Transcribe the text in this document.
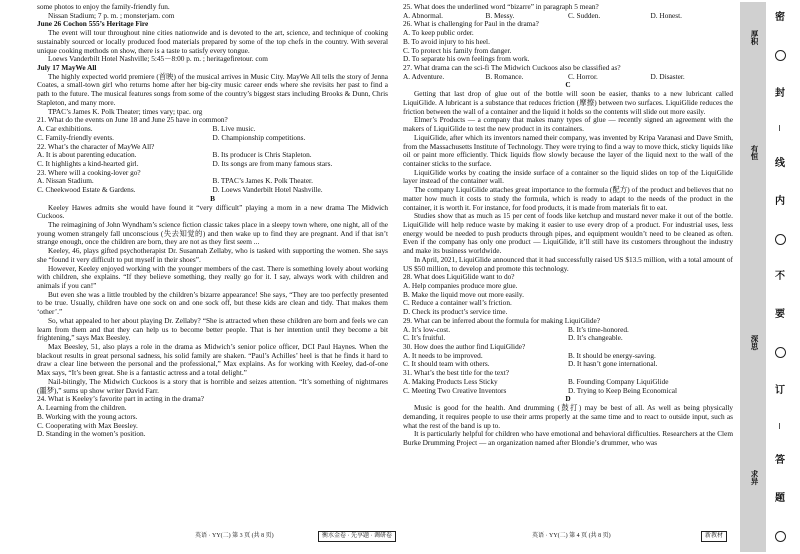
some photos to enjoy the family-friendly fun.

Nissan Stadium; 7 p. m. ; monsterjam. com

June 26 Cochon 555’s Heritage Fire

The event will tour throughout nine cities nationwide and is devoted to the art, science, and technique of cooking sustainably sourced or locally produced food materials prepared by some of the top chefs in the country. With several unique cooking methods on show, there is a taste to satisfy every tongue.

Loews Vanderbilt Hotel Nashville; 5:45－8:00 p. m. ; heritagefiretour. com

July 17 MayWe All

The highly expected world premiere (首映) of the musical arrives in Music City. MayWe All tells the story of Jenna Coates, a small-town girl who returns home after her big-city music career ends where she revisits her past to find a path to the future. The musical features songs from some of the country’s biggest stars including Brooks & Dunn, Chris Stapleton, and many more.

TPAC’s James K. Polk Theater; times vary; tpac. org

21. What do the events on June 18 and June 25 have in common?

A. Car exhibitions.	B. Live music.
C. Family-friendly events.	D. Championship competitions.

22. What’s the character of MayWe All?

A. It is about parenting education.	B. Its producer is Chris Stapleton.
C. It highlights a kind-hearted girl.	D. Its songs are from many famous stars.

23. Where will a cooking-lover go?

A. Nissan Stadium.	B. TPAC’s James K. Polk Theater.
C. Cheekwood Estate & Gardens.	D. Loews Vanderbilt Hotel Nashville.

B

Keeley Hawes admits she would have found it “very difficult” playing a mom in a new drama The Midwich Cuckoos.

The reimagining of John Wyndham’s science fiction classic takes place in a sleepy town where, one night, all of the young women strangely fall unconscious (失去知觉的) and then wake up to find they are pregnant. And if that isn’t strange enough, once the children are born, they are not as they first seem ...

Keeley, 46, plays gifted psychotherapist Dr. Susannah Zellaby, who is tasked with supporting the women. She says she “found it very difficult to put myself in their shoes”.

However, Keeley enjoyed working with the younger members of the cast. There is something lovely about working with children, she explains. “If they believe something, they really go for it. I say, always work with children and animals if you can!”

But even she was a little troubled by the children’s bizarre appearance! She says, “They are too perfectly presented to be true. Usually, children have one sock on and one sock off, but these kids are clean and tidy. That makes them ‘other’.”

So, what appealed to her about playing Dr. Zellaby? “She is attracted when these children are born and feels we can learn from them and that they can help us to become better people. That is her intention until they become a bit frightening,” says Max Beesley.

Max Beesley, 51, also plays a role in the drama as Midwich’s senior police officer, DCI Paul Haynes. When the blackout results in great personal sadness, his solid family are shaken. “Paul’s Achilles’ heel is that he finds it hard to draw a clear line between the personal and the professional,” Max explains. As for working with Keeley, dad-of-one Max says, “It’s been great. She is a fantastic actress and a total delight.”

Nail-bitingly, The Midwich Cuckoos is a story that is horrible and seizes attention. “It’s something of nightmares (噩梦),” sums up show writer David Farr.

24. What is Keeley’s favorite part in acting in the drama?

A. Learning from the children.

B. Working with the young actors.

C. Cooperating with Max Beesley.

D. Standing in the women’s position.

25. What does the underlined word “bizarre” in paragraph 5 mean?

A. Abnormal.	B. Messy.	C. Sudden.	D. Honest.

26. What is challenging for Paul in the drama?

A. To keep public order.

B. To avoid injury to his heel.

C. To protect his family from danger.

D. To separate his own feelings from work.

27. What drama can the sci-fi The Midwich Cuckoos also be classified as?

A. Adventure.	B. Romance.	C. Horror.	D. Disaster.

C

Getting that last drop of glue out of the bottle will soon be easier, thanks to a new lubricant called LiquiGlide. A lubricant is a substance that reduces friction (摩擦) between two surfaces. LiquiGlide reduces the friction between the wall of a container and the liquid it holds so the contents will slide out more easily.

Elmer’s Products — a company that makes many types of glue — recently signed an agreement with the makers of LiquiGlide to test the new product in its containers.

LiquiGlide, after which its inventors named their company, was invented by Kripa Varanasi and Dave Smith, from the Massachusetts Institute of Technology. They were trying to find a way to move thick, sticky liquids like oil or paint more efficiently. Thick liquids flow slowly because the layer of the liquid next to the wall of the container sticks to the surface.

LiquiGlide works by coating the inside surface of a container so the liquid slides on top of the LiquiGlide layer instead of the container wall.

The company LiquiGlide attaches great importance to the formula (配方) of the product and believes that no matter how much it costs to study the formula, which is ready to adapt to the needs of the product in the container, it is worth it. For instance, for food products, it is made from materials fit to eat.

Studies show that as much as 15 per cent of foods like ketchup and mustard never make it out of the bottle. LiquiGlide will help reduce waste by making it easier to use every drop of a product. For industrial uses, less energy would be needed to push products through pipes, and equipment wouldn’t need to be cleaned as often. Even if the company has only one product — LiquiGlide, it’ll still have its customers throughout the industry and make its business worldwide.

In April, 2021, LiquiGlide announced that it had successfully raised US $13.5 million, with a total amount of US $50 million, to develop and promote this technology.

28. What does LiquiGlide want to do?

A. Help companies produce more glue.

B. Make the liquid move out more easily.

C. Reduce a container wall’s friction.

D. Check its product’s service time.

29. What can be inferred about the formula for making LiquiGlide?

A. It’s low-cost.	B. It’s time-honored.
C. It’s fruitful.	D. It’s changeable.

30. How does the author find LiquiGlide?

A. It needs to be improved.	B. It should be energy-saving.
C. It should team with others.	D. It hasn’t gone international.

31. What’s the best title for the text?

A. Making Products Less Sticky	B. Founding Company LiquiGlide
C. Meeting Two Creative Inventors	D. Trying to Keep Being Economical

D

Music is good for the health. And drumming (鼓打) may be best of all. As well as being physically demanding, it requires people to use their arms properly at the same time and to react to outside input, such as what the rest of the band is up to.

It is particularly helpful for children who have emotional and behavioral difficulties. Researchers at the Clem Burke Drumming Project — an organization named after Blondie’s drummer, who was

英语 · YY(二) 第 3 页 (共 8 页)	衡水金卷 · 先享题 · 调研卷	英语 · YY(二) 第 4 页 (共 8 页)	新教材
厚积
有恒
深思
求异
密
封
线
内
不
要
订
答
题
